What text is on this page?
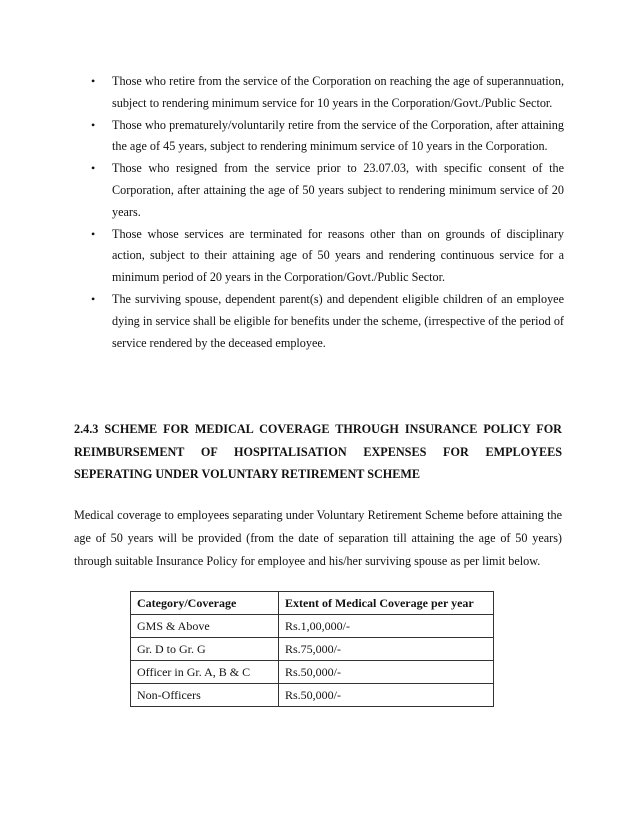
• Those who retire from the service of the Corporation on reaching the age of superannuation, subject to rendering minimum service for 10 years in the Corporation/Govt./Public Sector.
• Those who prematurely/voluntarily retire from the service of the Corporation, after attaining the age of 45 years, subject to rendering minimum service of 10 years in the Corporation.
• Those who resigned from the service prior to 23.07.03, with specific consent of the Corporation, after attaining the age of 50 years subject to rendering minimum service of 20 years.
• Those whose services are terminated for reasons other than on grounds of disciplinary action, subject to their attaining age of 50 years and rendering continuous service for a minimum period of 20 years in the Corporation/Govt./Public Sector.
• The surviving spouse, dependent parent(s) and dependent eligible children of an employee dying in service shall be eligible for benefits under the scheme, (irrespective of the period of service rendered by the deceased employee.
2.4.3 SCHEME FOR MEDICAL COVERAGE THROUGH INSURANCE POLICY FOR
REIMBURSEMENT OF HOSPITALISATION EXPENSES FOR EMPLOYEES
SEPERATING UNDER VOLUNTARY RETIREMENT SCHEME

Medical coverage to employees separating under Voluntary Retirement Scheme before attaining the age of 50 years will be provided (from the date of separation till attaining the age of 50 years) through suitable Insurance Policy for employee and his/her surviving spouse as per limit below.

Category/Coverage	Extent of Medical Coverage per year
GMS & Above	Rs.1,00,000/-
Gr. D to Gr. G	Rs.75,000/-
Officer in Gr. A, B & C	Rs.50,000/-
Non-Officers	Rs.50,000/-
